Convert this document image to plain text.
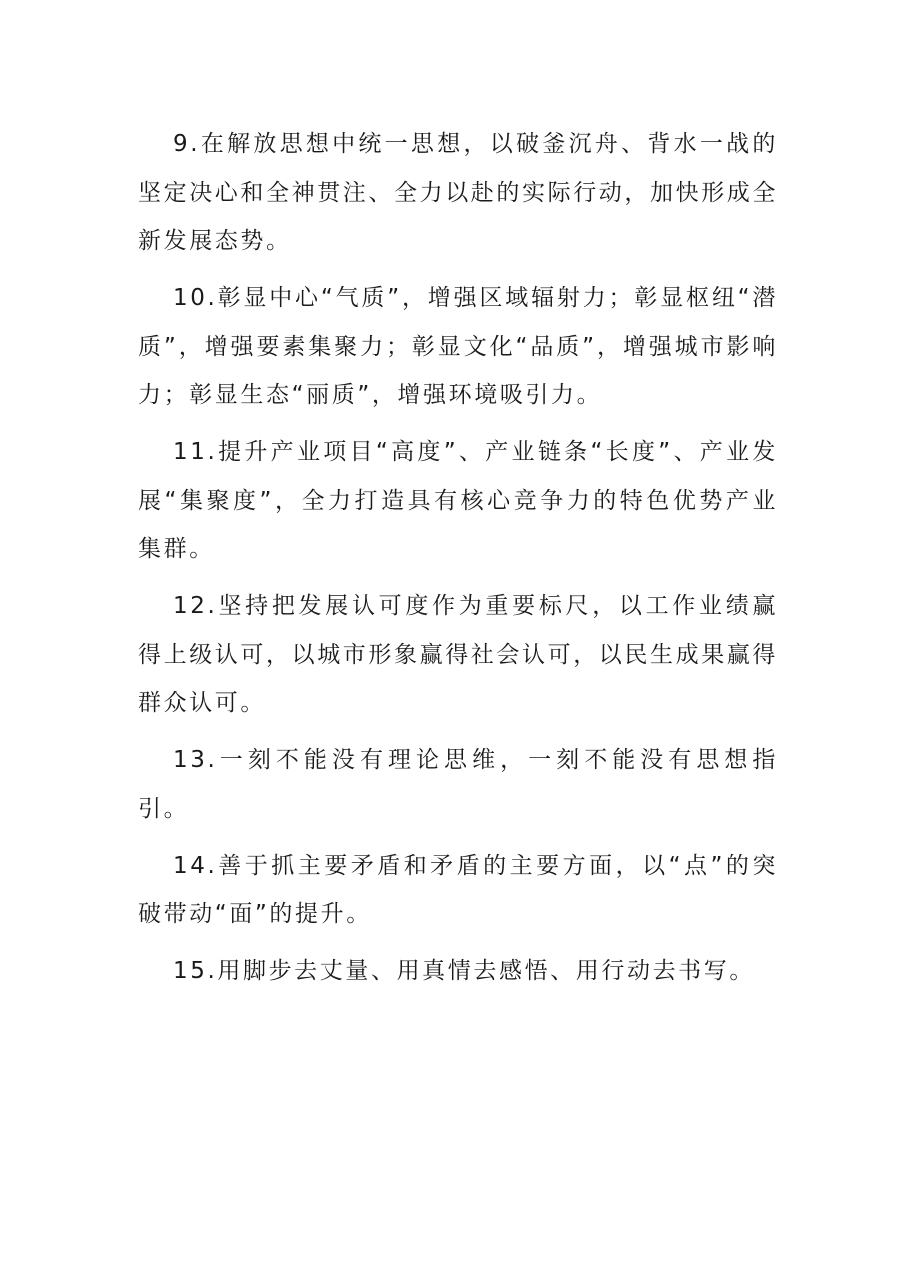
9.在解放思想中统一思想，以破釜沉舟、背水一战的坚定决心和全神贯注、全力以赴的实际行动，加快形成全新发展态势。

10.彰显中心“气质”，增强区域辐射力；彰显枢纽“潜质”，增强要素集聚力；彰显文化“品质”，增强城市影响力；彰显生态“丽质”，增强环境吸引力。

11.提升产业项目“高度”、产业链条“长度”、产业发展“集聚度”，全力打造具有核心竞争力的特色优势产业集群。

12.坚持把发展认可度作为重要标尺，以工作业绩赢得上级认可，以城市形象赢得社会认可，以民生成果赢得群众认可。

13.一刻不能没有理论思维，一刻不能没有思想指引。

14.善于抓主要矛盾和矛盾的主要方面，以“点”的突破带动“面”的提升。

15.用脚步去丈量、用真情去感悟、用行动去书写。
